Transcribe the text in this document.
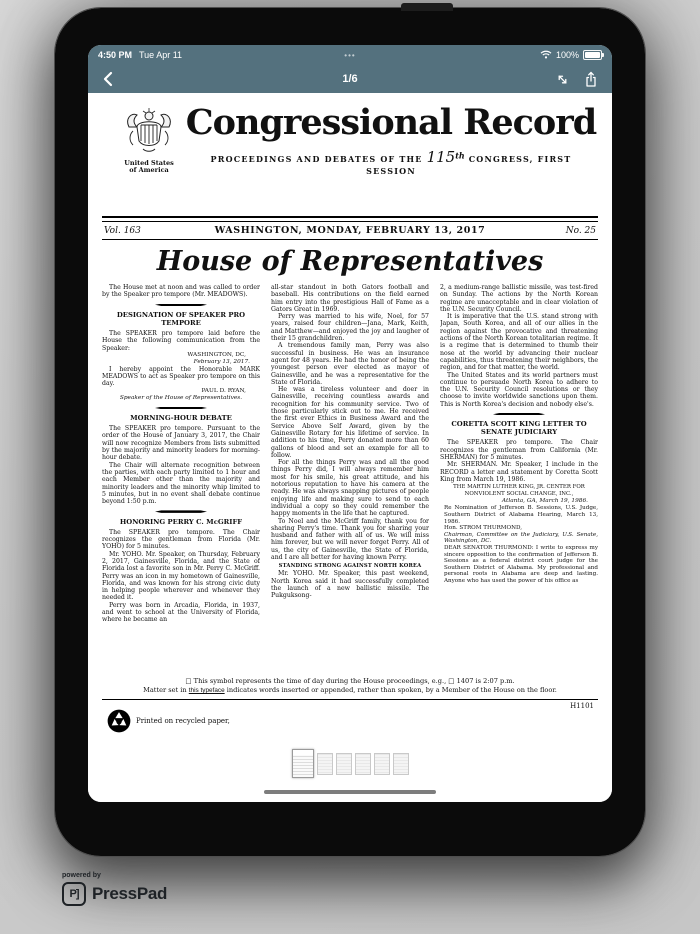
4:50 PM Tue Apr 11	•••	100%
1/6
United States
of America
Congressional Record
PROCEEDINGS AND DEBATES OF THE 115th CONGRESS, FIRST SESSION
Vol. 163	WASHINGTON, MONDAY, FEBRUARY 13, 2017	No. 25
House of Representatives
The House met at noon and was called to order by the Speaker pro tempore (Mr. MEADOWS).
DESIGNATION OF SPEAKER PRO TEMPORE
The SPEAKER pro tempore laid before the House the following communication from the Speaker:
WASHINGTON, DC,
February 13, 2017.
I hereby appoint the Honorable MARK MEADOWS to act as Speaker pro tempore on this day.
PAUL D. RYAN,
Speaker of the House of Representatives.
MORNING-HOUR DEBATE
The SPEAKER pro tempore. Pursuant to the order of the House of January 3, 2017, the Chair will now recognize Members from lists submitted by the majority and minority leaders for morning-hour debate.
The Chair will alternate recognition between the parties, with each party limited to 1 hour and each Member other than the majority and minority leaders and the minority whip limited to 5 minutes, but in no event shall debate continue beyond 1:50 p.m.
HONORING PERRY C. McGRIFF
The SPEAKER pro tempore. The Chair recognizes the gentleman from Florida (Mr. YOHO) for 5 minutes.
Mr. YOHO. Mr. Speaker, on Thursday, February 2, 2017, Gainesville, Florida, and the State of Florida lost a favorite son in Mr. Perry C. McGriff. Perry was an icon in my hometown of Gainesville, Florida, and was known for his strong civic duty in helping people wherever and whenever they needed it.
Perry was born in Arcadia, Florida, in 1937, and went to school at the University of Florida, where he became an
all-star standout in both Gators football and baseball. His contributions on the field earned him entry into the prestigious Hall of Fame as a Gators Great in 1969.
Perry was married to his wife, Noel, for 57 years, raised four children—Jana, Mark, Keith, and Matthew—and enjoyed the joy and laugher of their 15 grandchildren.
A tremendous family man, Perry was also successful in business. He was an insurance agent for 48 years. He had the honor of being the youngest person ever elected as mayor of Gainesville, and he was a representative for the State of Florida.
He was a tireless volunteer and doer in Gainesville, receiving countless awards and recognition for his community service. Two of those particularly stick out to me. He received the first ever Ethics in Business Award and the Service Above Self Award, given by the Gainesville Rotary for his lifetime of service. In addition to his time, Perry donated more than 60 gallons of blood and set an example for all to follow.
For all the things Perry was and all the good things Perry did, I will always remember him most for his smile, his great attitude, and his notorious reputation to have his camera at the ready. He was always snapping pictures of people enjoying life and making sure to send to each individual a copy so they could remember the happy moments in the life that he captured.
To Noel and the McGriff family, thank you for sharing Perry's time. Thank you for sharing your husband and father with all of us. We will miss him forever, but we will never forget Perry. All of us, the city of Gainesville, the State of Florida, and I are all better for having known Perry.
STANDING STRONG AGAINST NORTH KOREA
Mr. YOHO. Mr. Speaker, this past weekend, North Korea said it had successfully completed the launch of a new ballistic missile. The Pukguksong-
2, a medium-range ballistic missile, was test-fired on Sunday. The actions by the North Korean regime are unacceptable and in clear violation of the U.N. Security Council.
It is imperative that the U.S. stand strong with Japan, South Korea, and all of our allies in the region against the provocative and threatening actions of the North Korean totalitarian regime. It is a regime that is determined to thumb their nose at the world by advancing their nuclear capabilities, thus threatening their neighbors, the region, and for that matter, the world.
The United States and its world partners must continue to persuade North Korea to adhere to the U.N. Security Council resolutions or they choose to invite worldwide sanctions upon them. This is North Korea's decision and nobody else's.
CORETTA SCOTT KING LETTER TO SENATE JUDICIARY
The SPEAKER pro tempore. The Chair recognizes the gentleman from California (Mr. SHERMAN) for 5 minutes.
Mr. SHERMAN. Mr. Speaker, I include in the RECORD a letter and statement by Coretta Scott King from March 19, 1986.
THE MARTIN LUTHER KING, JR. CENTER FOR NONVIOLENT SOCIAL CHANGE, INC.,
Atlanta, GA, March 19, 1986.
Re Nomination of Jefferson B. Sessions, U.S. Judge, Southern District of Alabama Hearing, March 13, 1986.
Hon. STROM THURMOND,
Chairman, Committee on the Judiciary, U.S. Senate, Washington, DC.
DEAR SENATOR THURMOND: I write to express my sincere opposition to the confirmation of Jefferson B. Sessions as a federal district court judge for the Southern District of Alabama. My professional and personal roots in Alabama are deep and lasting. Anyone who has used the power of his office as
□ This symbol represents the time of day during the House proceedings, e.g., □ 1407 is 2:07 p.m.
Matter set in this typeface indicates words inserted or appended, rather than spoken, by a Member of the House on the floor.
Printed on recycled paper,
H1101
powered by
P] PressPad
